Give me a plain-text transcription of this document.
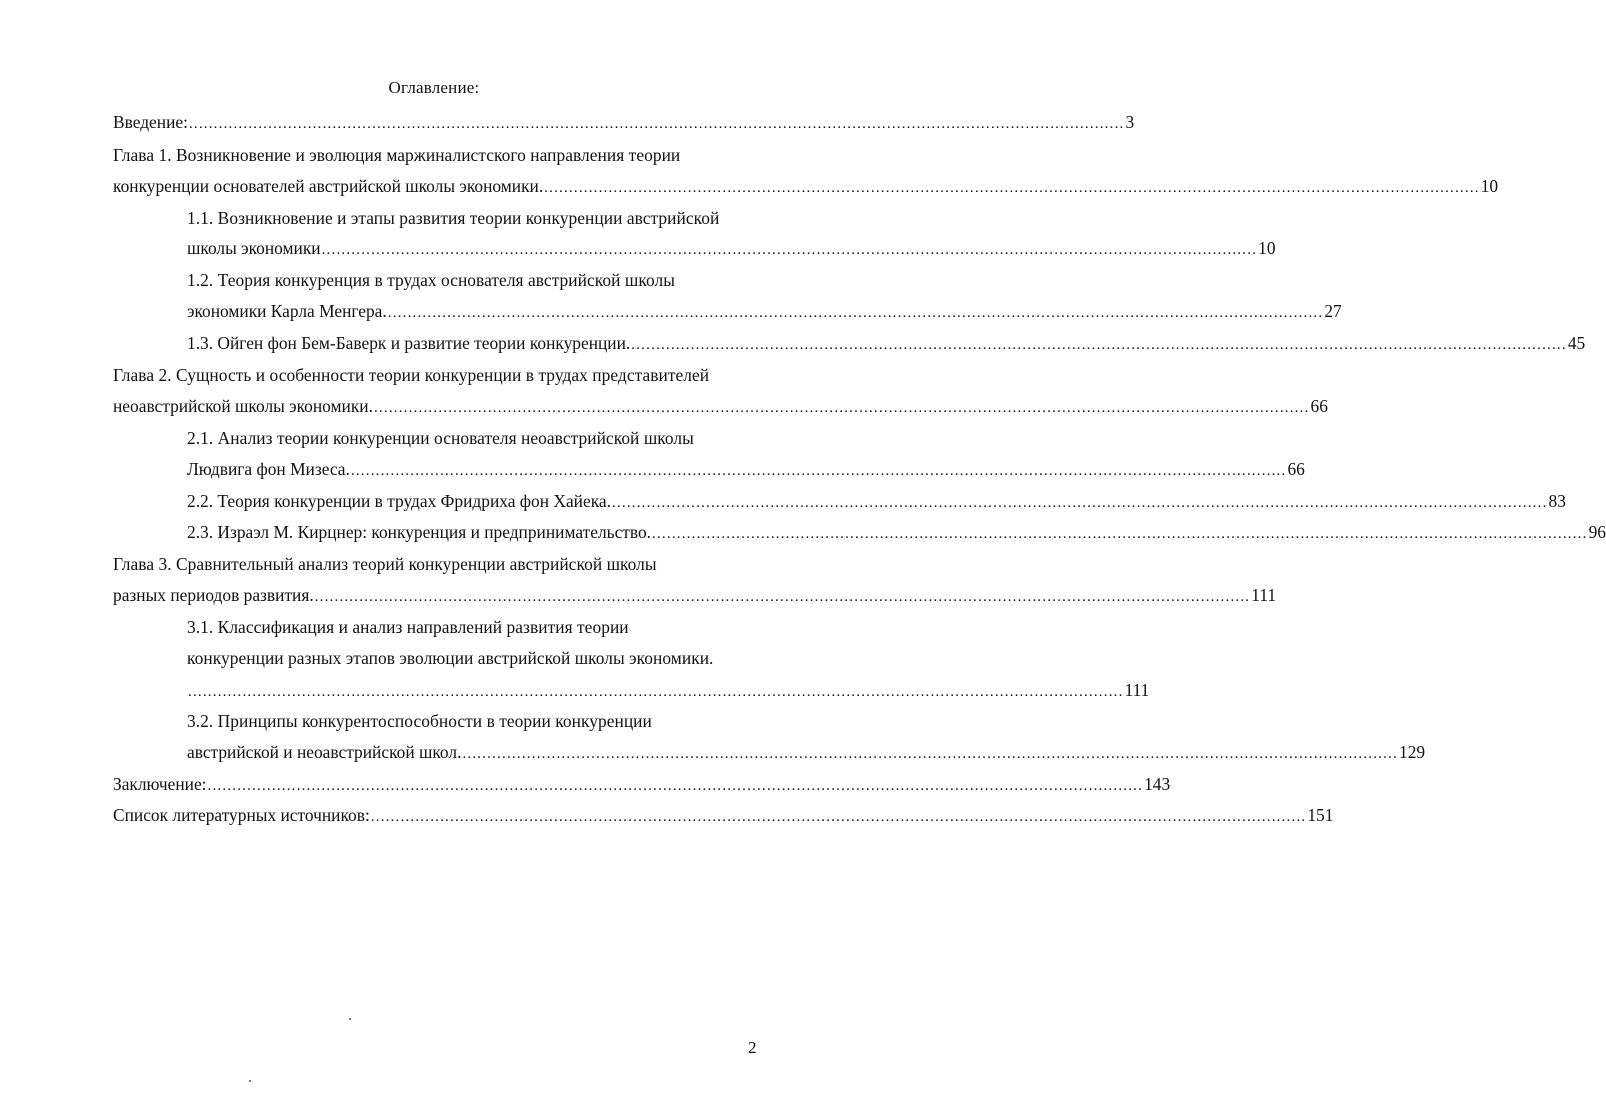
Оглавление:
Введение: ............................................................................................................................................................................................. 3
Глава 1. Возникновение и эволюция маржиналистского направления теории
конкуренции основателей австрийской школы экономики. ............................................................................................................................................................................................. 10
1.1. Возникновение и этапы развития теории конкуренции австрийской
школы экономики ............................................................................................................................................................................................. 10
1.2. Теория конкуренция в трудах основателя австрийской школы
экономики Карла Менгера. ............................................................................................................................................................................................. 27
1.3. Ойген фон Бем-Баверк и развитие теории конкуренции. ............................................................................................................................................................................................. 45
Глава 2. Сущность и особенности теории конкуренции в трудах представителей
неоавстрийской школы экономики. ............................................................................................................................................................................................. 66
2.1. Анализ теории конкуренции основателя неоавстрийской школы
Людвига фон Мизеса. ............................................................................................................................................................................................. 66
2.2. Теория конкуренции в трудах Фридриха фон Хайека. ............................................................................................................................................................................................. 83
2.3. Израэл М. Кирцнер: конкуренция и предпринимательство. ............................................................................................................................................................................................. 96
Глава 3. Сравнительный анализ теорий конкуренции австрийской школы
разных периодов развития. ............................................................................................................................................................................................. 111
3.1. Классификация и анализ направлений развития теории
конкуренции разных этапов эволюции австрийской школы экономики.
............................................................................................................................................................................................. 111
3.2. Принципы конкурентоспособности в теории конкуренции
австрийской и неоавстрийской школ. ............................................................................................................................................................................................. 129
Заключение: ............................................................................................................................................................................................. 143
Список литературных источников: ............................................................................................................................................................................................. 151
2
